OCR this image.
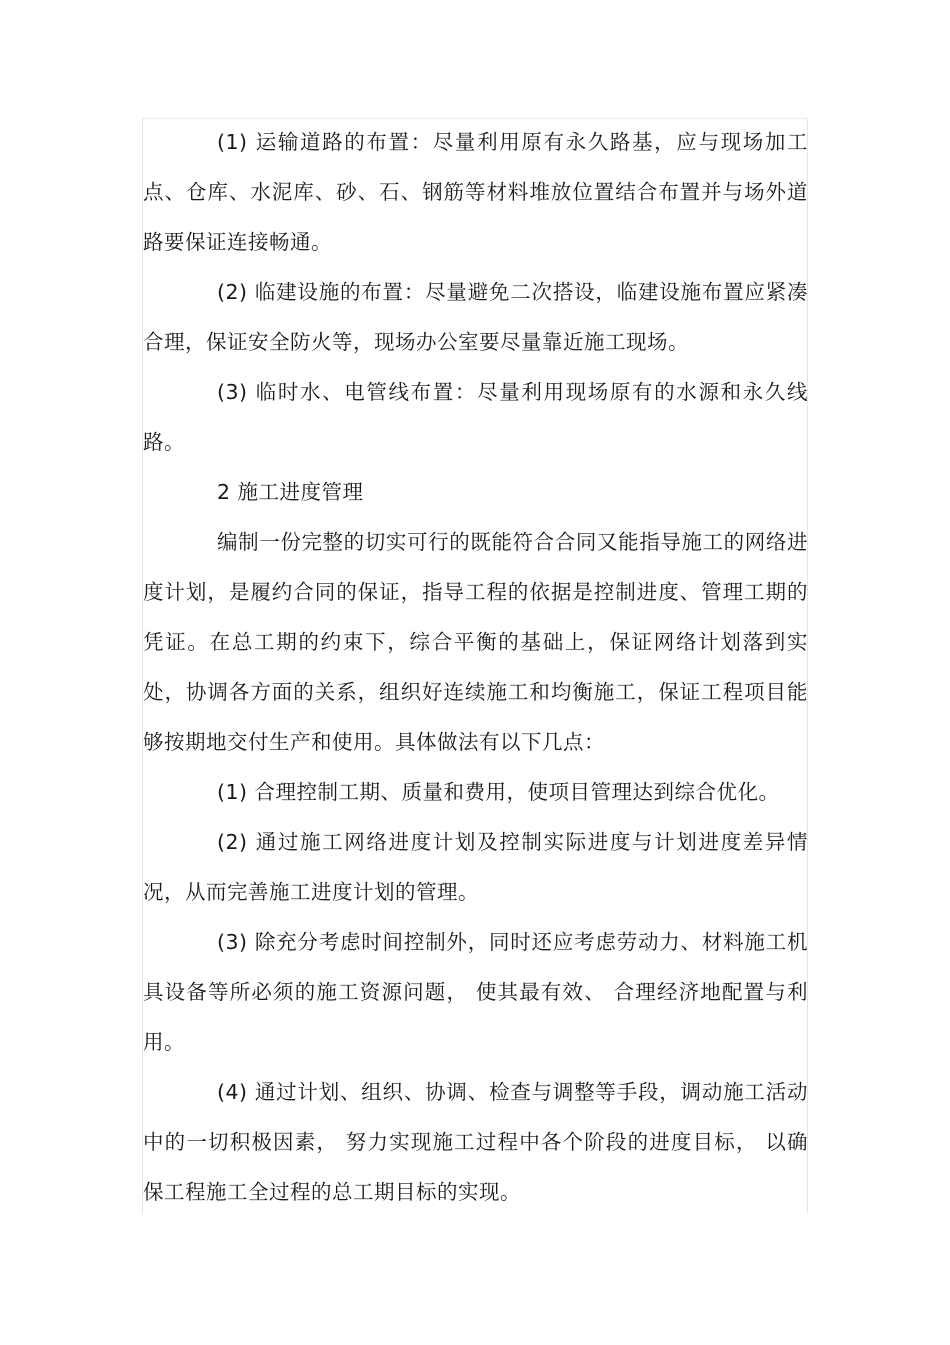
(1) 运输道路的布置：尽量利用原有永久路基，应与现场加工点、仓库、水泥库、砂、石、钢筋等材料堆放位置结合布置并与场外道路要保证连接畅通。

(2) 临建设施的布置：尽量避免二次搭设，临建设施布置应紧凑合理，保证安全防火等，现场办公室要尽量靠近施工现场。

(3) 临时水、电管线布置：尽量利用现场原有的水源和永久线路。

2 施工进度管理

编制一份完整的切实可行的既能符合合同又能指导施工的网络进度计划，是履约合同的保证，指导工程的依据是控制进度、管理工期的凭证。在总工期的约束下，综合平衡的基础上，保证网络计划落到实处，协调各方面的关系，组织好连续施工和均衡施工，保证工程项目能够按期地交付生产和使用。具体做法有以下几点：

(1) 合理控制工期、质量和费用，使项目管理达到综合优化。

(2) 通过施工网络进度计划及控制实际进度与计划进度差异情况，从而完善施工进度计划的管理。

(3) 除充分考虑时间控制外，同时还应考虑劳动力、材料施工机具设备等所必须的施工资源问题， 使其最有效、 合理经济地配置与利用。

(4) 通过计划、组织、协调、检查与调整等手段，调动施工活动中的一切积极因素， 努力实现施工过程中各个阶段的进度目标， 以确保工程施工全过程的总工期目标的实现。
